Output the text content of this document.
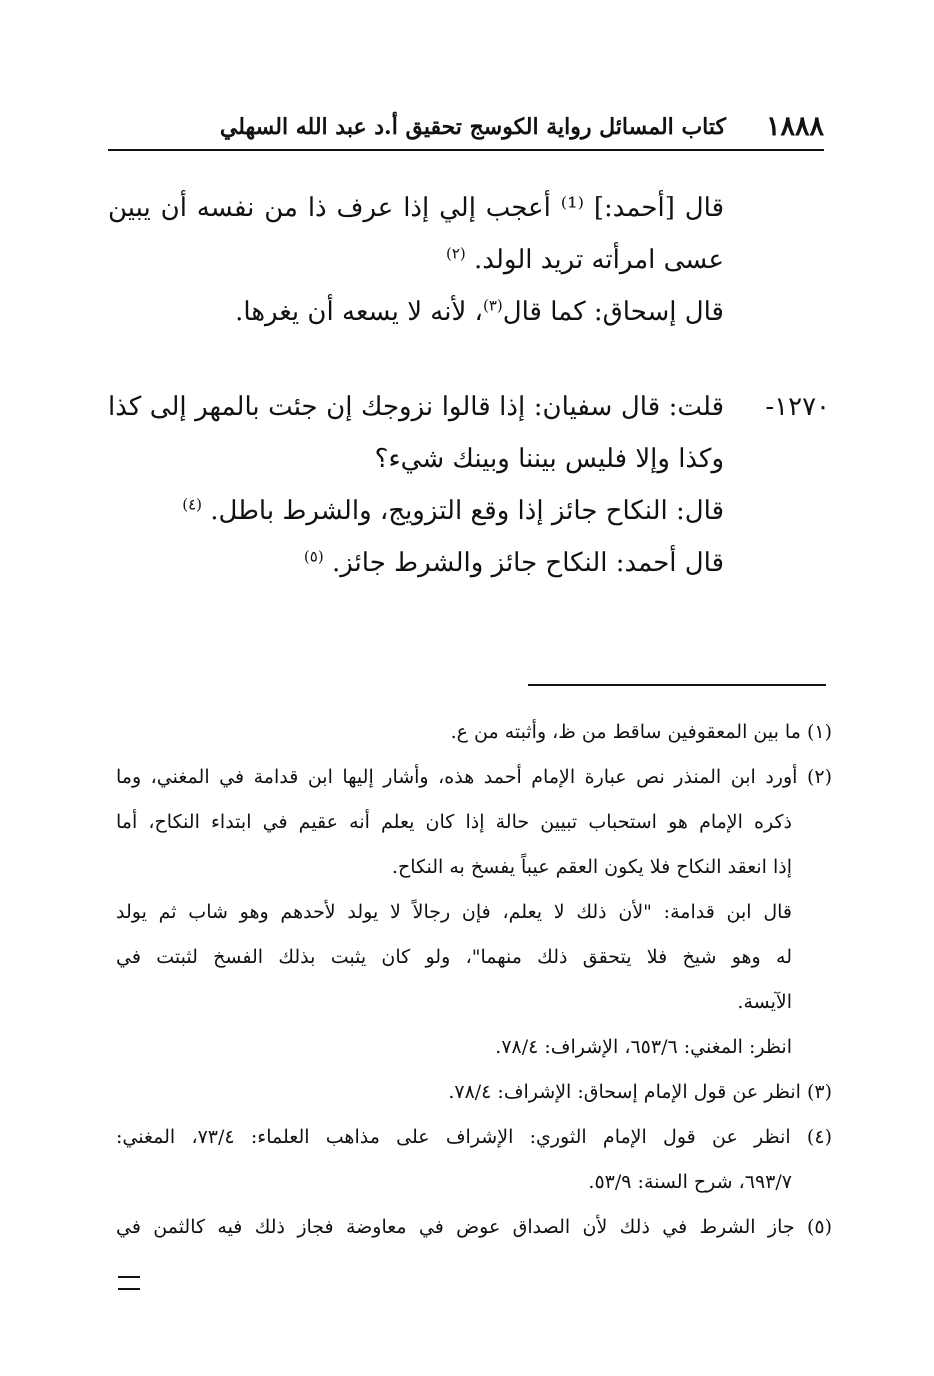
١٨٨٨
كتاب المسائل رواية الكوسج تحقيق أ.د عبد الله السهلي
قال [أحمد:] ⁽¹⁾ أعجب إلي إذا عرف ذا من نفسه أن يبين
عسى امرأته تريد الولد. $^{(٢)}$
قال إسحاق: كما قال$^{(٣)}$، لأنه لا يسعه أن يغرها.
١٢٧٠-
قلت: قال سفيان: إذا قالوا نزوجك إن جئت بالمهر إلى كذا
وكذا وإلا فليس بيننا وبينك شيء؟
قال: النكاح جائز إذا وقع التزويج، والشرط باطل. $^{(٤)}$
قال أحمد: النكاح جائز والشرط جائز. $^{(٥)}$
(١) ما بين المعقوفين ساقط من ظ، وأثبته من ع.
(٢) أورد ابن المنذر نص عبارة الإمام أحمد هذه، وأشار إليها ابن قدامة في المغني، وما
ذكره الإمام هو استحباب تبيين حالة إذا كان يعلم أنه عقيم في ابتداء النكاح، أما
إذا انعقد النكاح فلا يكون العقم عيباً يفسخ به النكاح.
قال ابن قدامة: "لأن ذلك لا يعلم، فإن رجالاً لا يولد لأحدهم وهو شاب ثم يولد
له وهو شيخ فلا يتحقق ذلك منهما"، ولو كان يثبت بذلك الفسخ لثبتت في
الآيسة.
انظر: المغني: ٦٥٣/٦، الإشراف: ٧٨/٤.
(٣) انظر عن قول الإمام إسحاق: الإشراف: ٧٨/٤.
(٤) انظر عن قول الإمام الثوري: الإشراف على مذاهب العلماء: ٧٣/٤، المغني:
٦٩٣/٧، شرح السنة: ٥٣/٩.
(٥) جاز الشرط في ذلك لأن الصداق عوض في معاوضة فجاز ذلك فيه كالثمن في
